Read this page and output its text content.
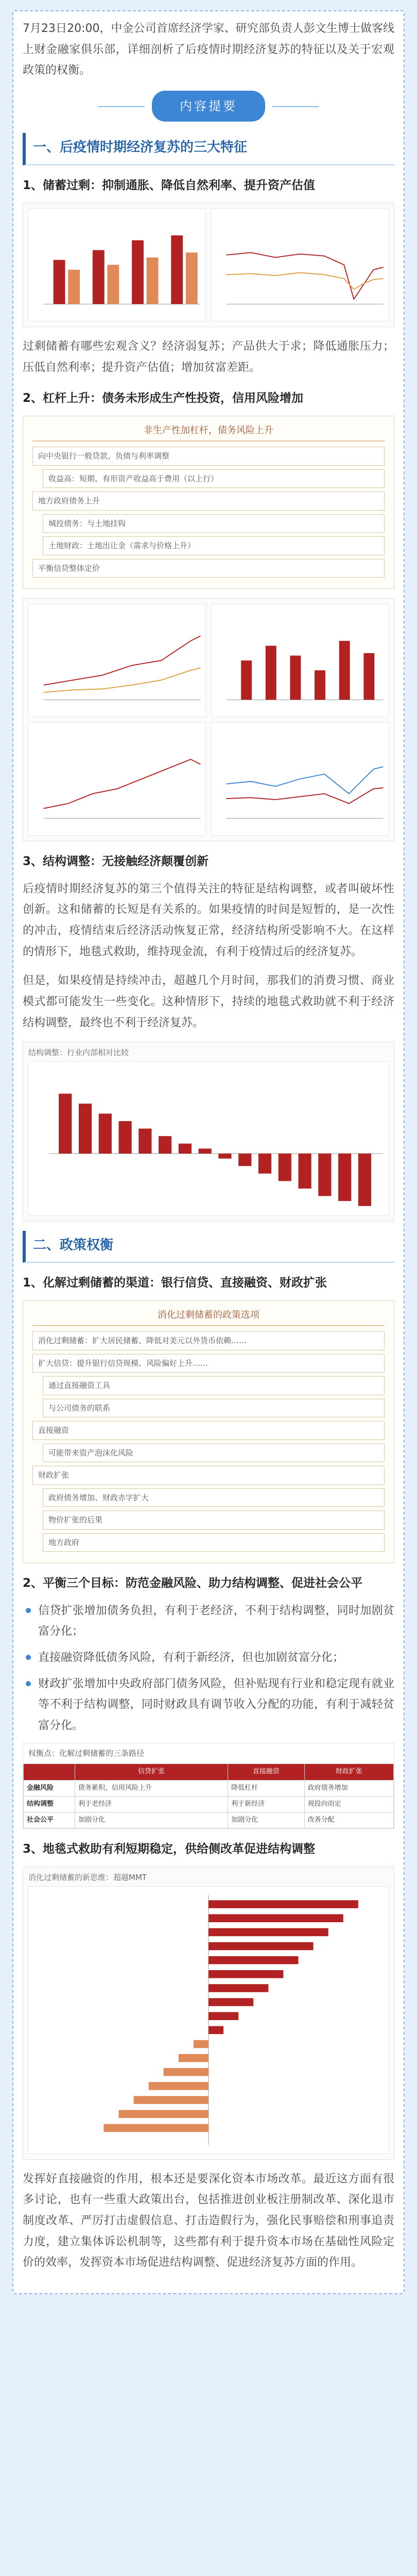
7月23日20:00，中金公司首席经济学家、研究部负责人彭文生博士做客线上财金融家俱乐部，详细剖析了后疫情时期经济复苏的特征以及关于宏观政策的权衡。

内容提要
一、后疫情时期经济复苏的三大特征
1、储蓄过剩：抑制通胀、降低自然利率、提升资产估值

过剩储蓄有哪些宏观含义？经济弱复苏；产品供大于求；降低通胀压力；压低自然利率；提升资产估值；增加贫富差距。

2、杠杆上升：债务未形成生产性投资，信用风险增加
非生产性加杠杆，债务风险上升
向中央银行一般贷款、负债与利率调整
收益高：短期、有形资产收益高于费用（以上行）
地方政府债务上升
城投债务：与土地挂钩
土地财政：土地出让金（需求与价格上升）
平衡信贷整体定价
3、结构调整：无接触经济颠覆创新

后疫情时期经济复苏的第三个值得关注的特征是结构调整，或者叫破坏性创新。这和储蓄的长短是有关系的。如果疫情的时间是短暂的，是一次性的冲击，疫情结束后经济活动恢复正常，经济结构所受影响不大。在这样的情形下，地毯式救助，维持现金流，有利于疫情过后的经济复苏。

但是，如果疫情是持续冲击，超越几个月时间，那我们的消费习惯、商业模式都可能发生一些变化。这种情形下，持续的地毯式救助就不利于经济结构调整，最终也不利于经济复苏。

结构调整：行业内部相对比较
二、政策权衡
1、化解过剩储蓄的渠道：银行信贷、直接融资、财政扩张
消化过剩储蓄的政策选项
消化过剩储蓄：扩大居民储蓄、降低对美元以外货币依赖……
扩大信贷：提升银行信贷规模、风险偏好上升……
通过直接融资工具
与公司债务的联系
直接融资
可能带来资产泡沫化风险
财政扩张
政府债务增加、财政赤字扩大
物价扩张的后果
地方政府
2、平衡三个目标：防范金融风险、助力结构调整、促进社会公平
信贷扩张增加债务负担，有利于老经济，不利于结构调整，同时加剧贫富分化；
直接融资降低债务风险，有利于新经济，但也加剧贫富分化；
财政扩张增加中央政府部门债务风险，但补贴现有行业和稳定现有就业等不利于结构调整，同时财政具有调节收入分配的功能，有利于减轻贫富分化。
权衡点：化解过剩储蓄的三条路径
	信贷扩张	直接融资	财政扩张
金融风险	债务累积，信用风险上升	降低杠杆	政府债务增加
结构调整	利于老经济	利于新经济	视投向而定
社会公平	加剧分化	加剧分化	改善分配
3、地毯式救助有利短期稳定，供给侧改革促进结构调整
消化过剩储蓄的新思维：超越MMT

发挥好直接融资的作用，根本还是要深化资本市场改革。最近这方面有很多讨论，也有一些重大政策出台，包括推进创业板注册制改革、深化退市制度改革、严厉打击虚假信息、打击造假行为，强化民事赔偿和刑事追责力度，建立集体诉讼机制等，这些都有利于提升资本市场在基础性风险定价的效率，发挥资本市场促进结构调整、促进经济复苏方面的作用。
